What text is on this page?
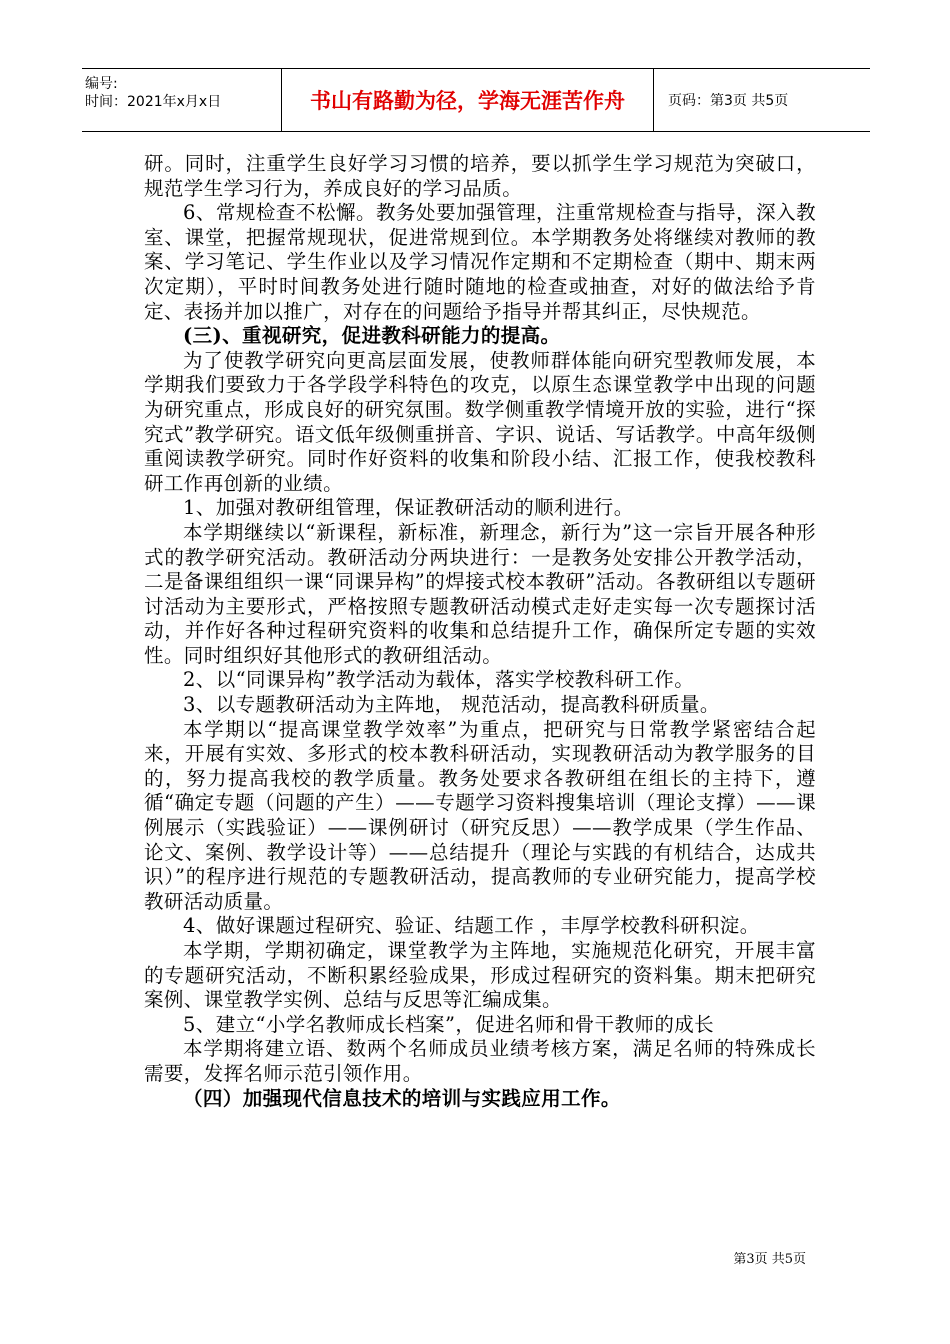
编号:
时间：2021年x月x日	书山有路勤为径，学海无涯苦作舟	页码：第3页 共5页

研。同时，注重学生良好学习习惯的培养，要以抓学生学习规范为突破口，规范学生学习行为，养成良好的学习品质。

6、常规检查不松懈。教务处要加强管理，注重常规检查与指导，深入教室、课堂，把握常规现状，促进常规到位。本学期教务处将继续对教师的教案、学习笔记、学生作业以及学习情况作定期和不定期检查（期中、期末两次定期），平时时间教务处进行随时随地的检查或抽查，对好的做法给予肯定、表扬并加以推广，对存在的问题给予指导并帮其纠正，尽快规范。

(三)、重视研究，促进教科研能力的提高。

为了使教学研究向更高层面发展，使教师群体能向研究型教师发展，本学期我们要致力于各学段学科特色的攻克，以原生态课堂教学中出现的问题为研究重点，形成良好的研究氛围。数学侧重教学情境开放的实验，进行“探究式”教学研究。语文低年级侧重拼音、字识、说话、写话教学。中高年级侧重阅读教学研究。同时作好资料的收集和阶段小结、汇报工作，使我校教科研工作再创新的业绩。

1、加强对教研组管理，保证教研活动的顺利进行。

本学期继续以“新课程，新标准，新理念，新行为”这一宗旨开展各种形式的教学研究活动。教研活动分两块进行：一是教务处安排公开教学活动，二是备课组组织一课“同课异构”的焊接式校本教研”活动。各教研组以专题研讨活动为主要形式，严格按照专题教研活动模式走好走实每一次专题探讨活动，并作好各种过程研究资料的收集和总结提升工作，确保所定专题的实效性。同时组织好其他形式的教研组活动。

2、以“同课异构”教学活动为载体，落实学校教科研工作。

3、以专题教研活动为主阵地， 规范活动，提高教科研质量。

本学期以“提高课堂教学效率”为重点，把研究与日常教学紧密结合起来，开展有实效、多形式的校本教科研活动，实现教研活动为教学服务的目的，努力提高我校的教学质量。教务处要求各教研组在组长的主持下，遵循“确定专题（问题的产生）——专题学习资料搜集培训（理论支撑）——课例展示（实践验证）——课例研讨（研究反思）——教学成果（学生作品、论文、案例、教学设计等）——总结提升（理论与实践的有机结合，达成共识）”的程序进行规范的专题教研活动，提高教师的专业研究能力，提高学校教研活动质量。

4、做好课题过程研究、验证、结题工作 ，丰厚学校教科研积淀。

本学期，学期初确定，课堂教学为主阵地，实施规范化研究，开展丰富的专题研究活动，不断积累经验成果，形成过程研究的资料集。期末把研究案例、课堂教学实例、总结与反思等汇编成集。

5、建立“小学名教师成长档案”，促进名师和骨干教师的成长

本学期将建立语、数两个名师成员业绩考核方案，满足名师的特殊成长需要，发挥名师示范引领作用。

（四）加强现代信息技术的培训与实践应用工作。

第3页 共5页
